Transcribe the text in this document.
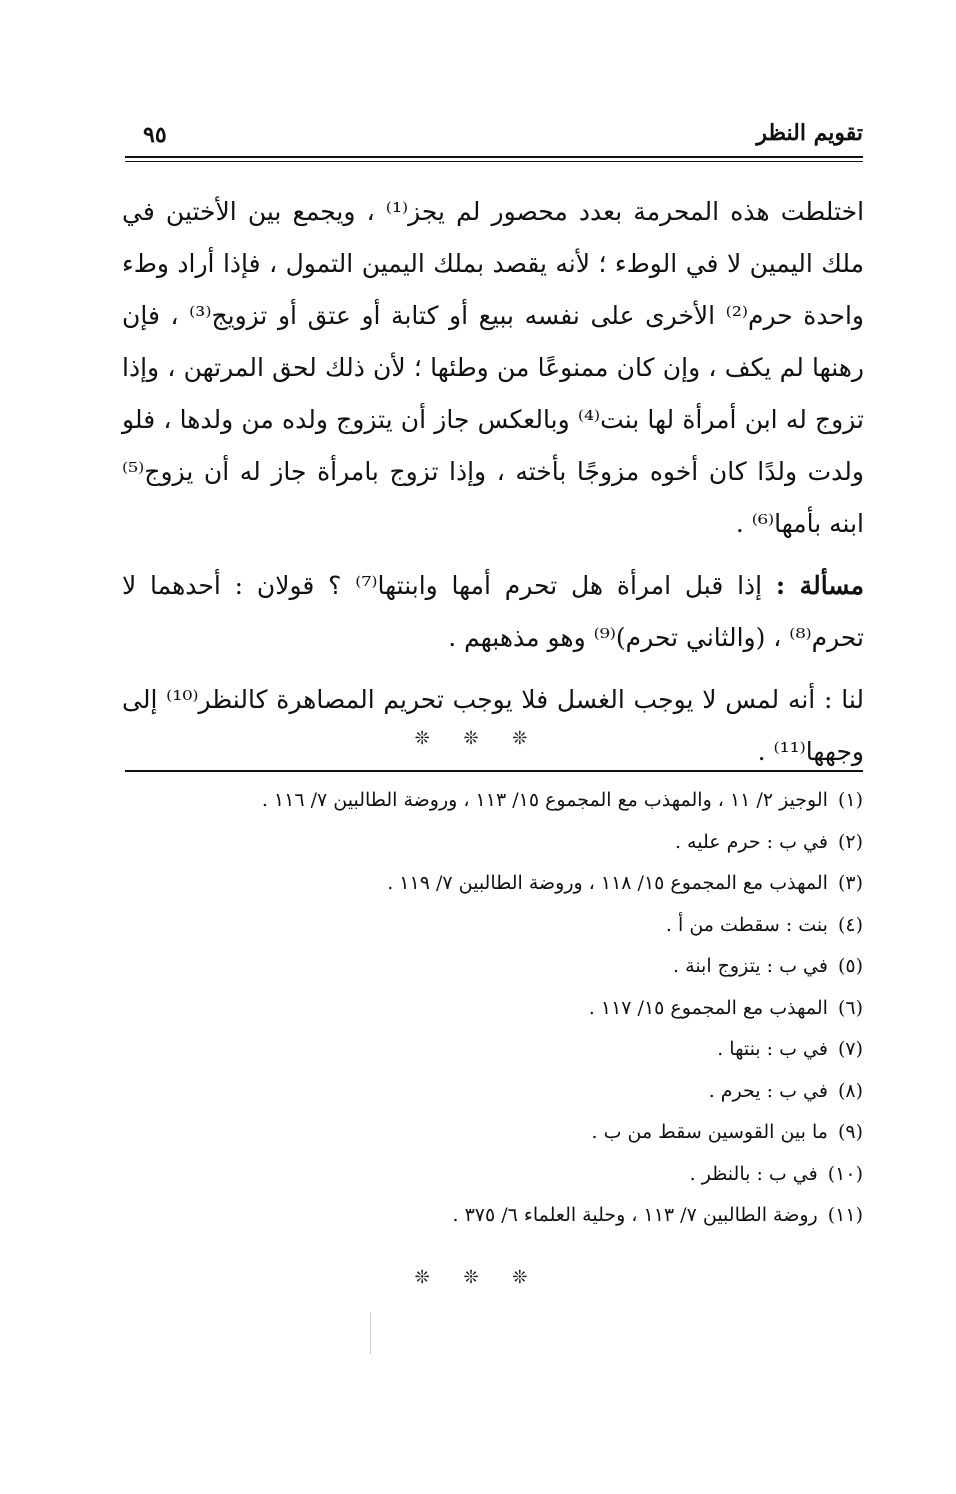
تقويم النظر
٩٥

اختلطت هذه المحرمة بعدد محصور لم يجز⁽¹⁾ ، ويجمع بين الأختين في ملك اليمين لا في الوطء ؛ لأنه يقصد بملك اليمين التمول ، فإذا أراد وطء واحدة حرم⁽²⁾ الأخرى على نفسه ببيع أو كتابة أو عتق أو تزويج⁽³⁾ ، فإن رهنها لم يكف ، وإن كان ممنوعًا من وطئها ؛ لأن ذلك لحق المرتهن ، وإذا تزوج له ابن أمرأة لها بنت⁽⁴⁾ وبالعكس جاز أن يتزوج ولده من ولدها ، فلو ولدت ولدًا كان أخوه مزوجًا بأخته ، وإذا تزوج بامرأة جاز له أن يزوج⁽⁵⁾ ابنه بأمها⁽⁶⁾ .

مسألة : إذا قبل امرأة هل تحرم أمها وابنتها⁽⁷⁾ ؟ قولان : أحدهما لا تحرم⁽⁸⁾ ، (والثاني تحرم)⁽⁹⁾ وهو مذهبهم .

لنا : أنه لمس لا يوجب الغسل فلا يوجب تحريم المصاهرة كالنظر⁽¹⁰⁾ إلى وجهها⁽¹¹⁾ .

❊ ❊ ❊
(١)الوجيز ٢/ ١١ ، والمهذب مع المجموع ١٥/ ١١٣ ، وروضة الطالبين ٧/ ١١٦ .
(٢)في ب : حرم عليه .
(٣)المهذب مع المجموع ١٥/ ١١٨ ، وروضة الطالبين ٧/ ١١٩ .
(٤)بنت : سقطت من أ .
(٥)في ب : يتزوج ابنة .
(٦)المهذب مع المجموع ١٥/ ١١٧ .
(٧)في ب : بنتها .
(٨)في ب : يحرم .
(٩)ما بين القوسين سقط من ب .
(١٠)في ب : بالنظر .
(١١)روضة الطالبين ٧/ ١١٣ ، وحلية العلماء ٦/ ٣٧٥ .
❊ ❊ ❊
